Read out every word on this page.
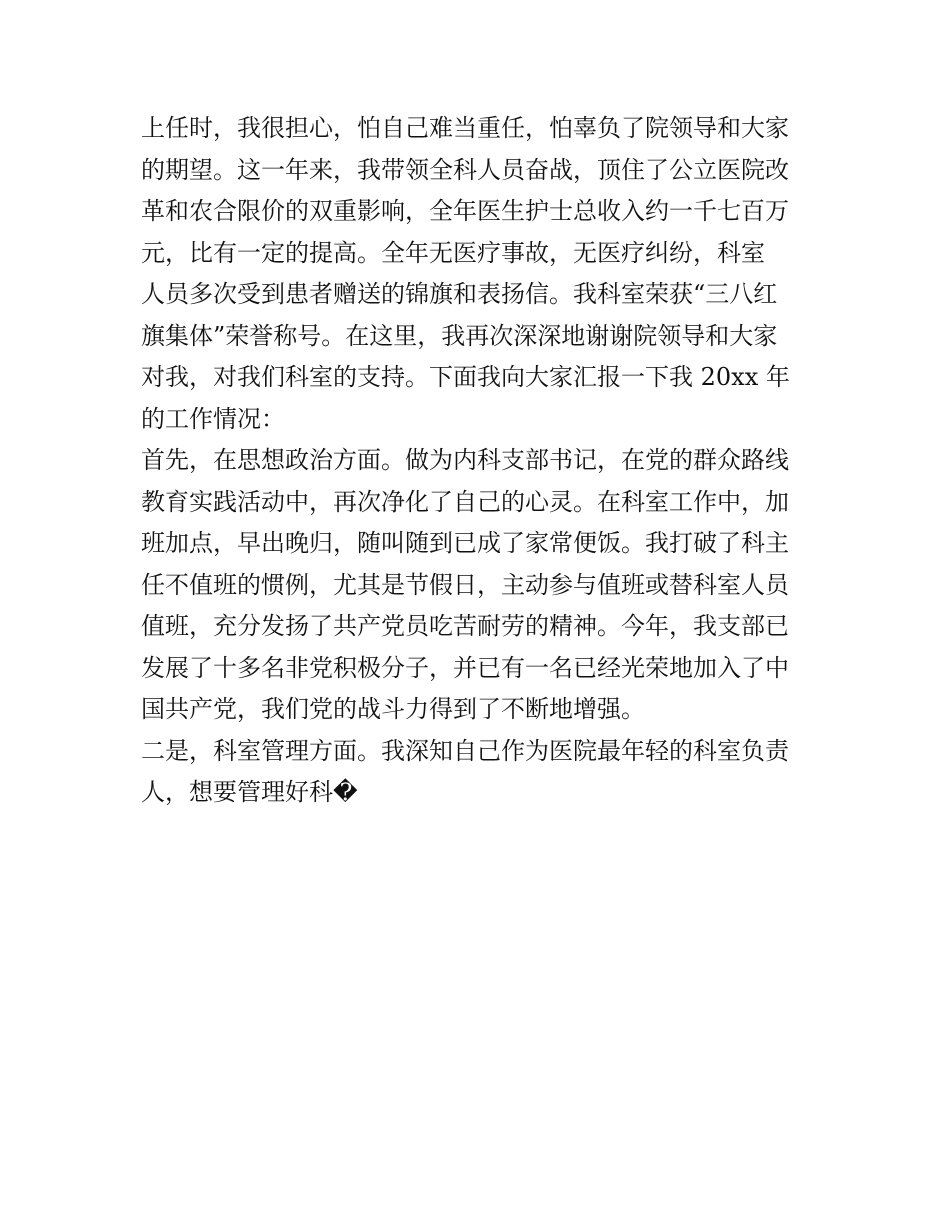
上任时，我很担心，怕自己难当重任，怕辜负了院领导和大家
的期望。这一年来，我带领全科人员奋战，顶住了公立医院改
革和农合限价的双重影响，全年医生护士总收入约一千七百万
元，比有一定的提高。全年无医疗事故，无医疗纠纷，科室
人员多次受到患者赠送的锦旗和表扬信。我科室荣获“三八红
旗集体”荣誉称号。在这里，我再次深深地谢谢院领导和大家
对我，对我们科室的支持。下面我向大家汇报一下我 20xx 年
的工作情况：
首先，在思想政治方面。做为内科支部书记，在党的群众路线
教育实践活动中，再次净化了自己的心灵。在科室工作中，加
班加点，早出晚归，随叫随到已成了家常便饭。我打破了科主
任不值班的惯例，尤其是节假日，主动参与值班或替科室人员
值班，充分发扬了共产党员吃苦耐劳的精神。今年，我支部已
发展了十多名非党积极分子，并已有一名已经光荣地加入了中
国共产党，我们党的战斗力得到了不断地增强。
二是，科室管理方面。我深知自己作为医院最年轻的科室负责
人，想要管理好科�
